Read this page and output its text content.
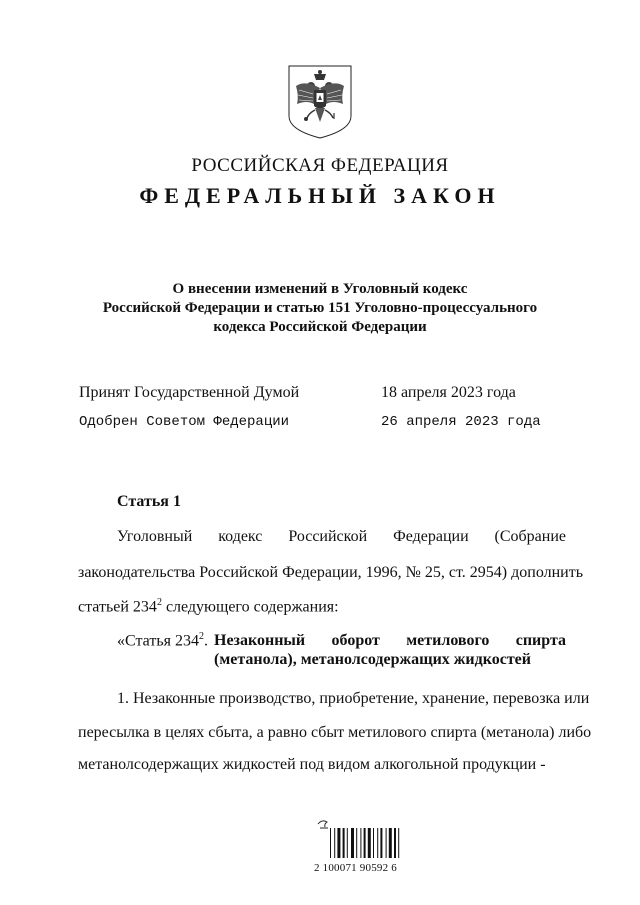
РОССИЙСКАЯ ФЕДЕРАЦИЯ
ФЕДЕРАЛЬНЫЙ ЗАКОН
О внесении изменений в Уголовный кодекс
Российской Федерации и статью 151 Уголовно-процессуального
кодекса Российской Федерации
Принят Государственной Думой	18 апреля 2023 года
Одобрен Советом Федерации	26 апреля 2023 года
Статья 1
Уголовный кодекс Российской Федерации (Собрание
законодательства Российской Федерации, 1996, № 25, ст. 2954) дополнить
статьей $234^2$ следующего содержания:
«Статья $234^2$. Незаконный оборот метилового спирта
(метанола), метанолсодержащих жидкостей
1. Незаконные производство, приобретение, хранение, перевозка или
пересылка в целях сбыта, а равно сбыт метилового спирта (метанола) либо
метанолсодержащих жидкостей под видом алкогольной продукции -
2 100071 90592 6
